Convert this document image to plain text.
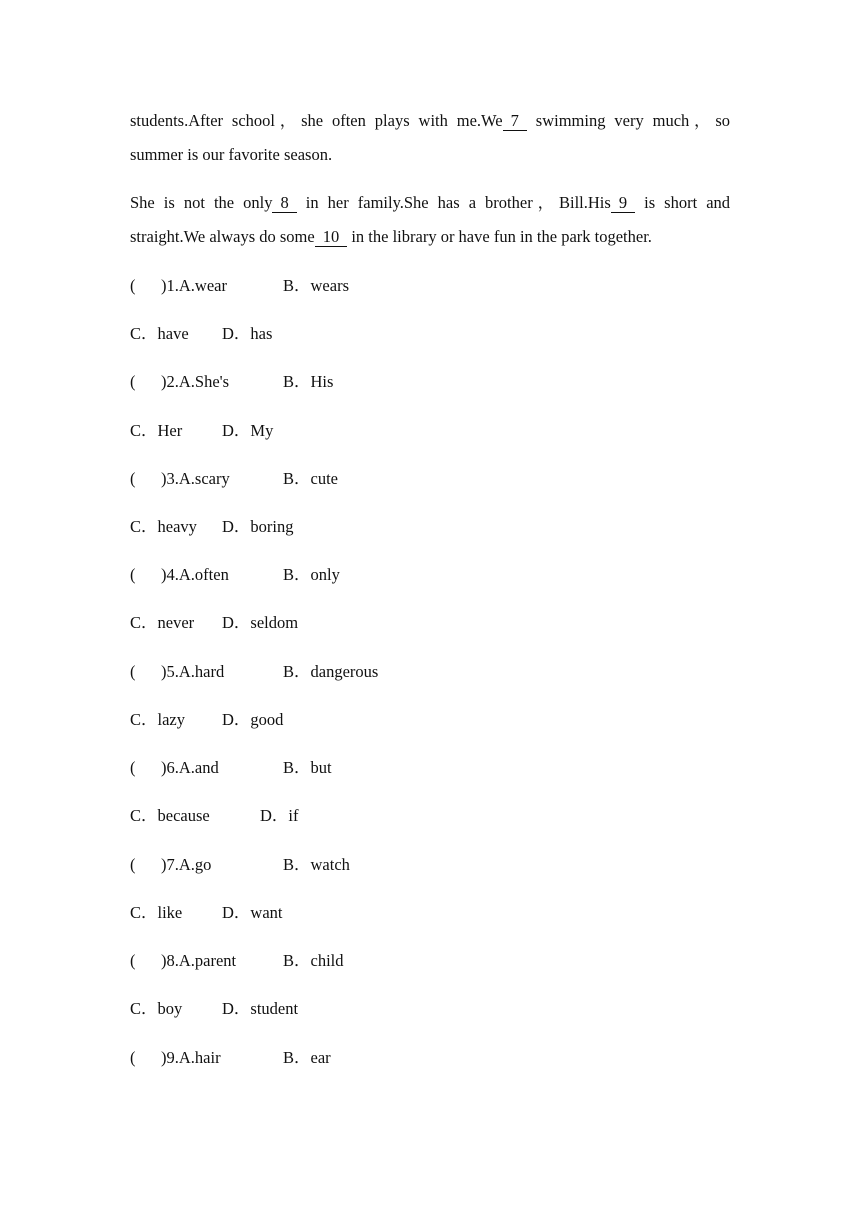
students.After school，she often plays with me.We 7 swimming very much，so
summer is our favorite season.
She is not the only 8 in her family.She has a brother，Bill.His 9 is short and
straight.We always do some 10 in the library or have fun in the park together.
( )1.A.wear	B．wears
C．have D．has
( )2.A.She's	B．His
C．Her D．My
( )3.A.scary	B．cute
C．heavy D．boring
( )4.A.often	B．only
C．never D．seldom
( )5.A.hard	B．dangerous
C．lazy D．good
( )6.A.and	B．but
C．because	D．if
( )7.A.go	B．watch
C．like D．want
( )8.A.parent	B．child
C．boy D．student
( )9.A.hair	B．ear
